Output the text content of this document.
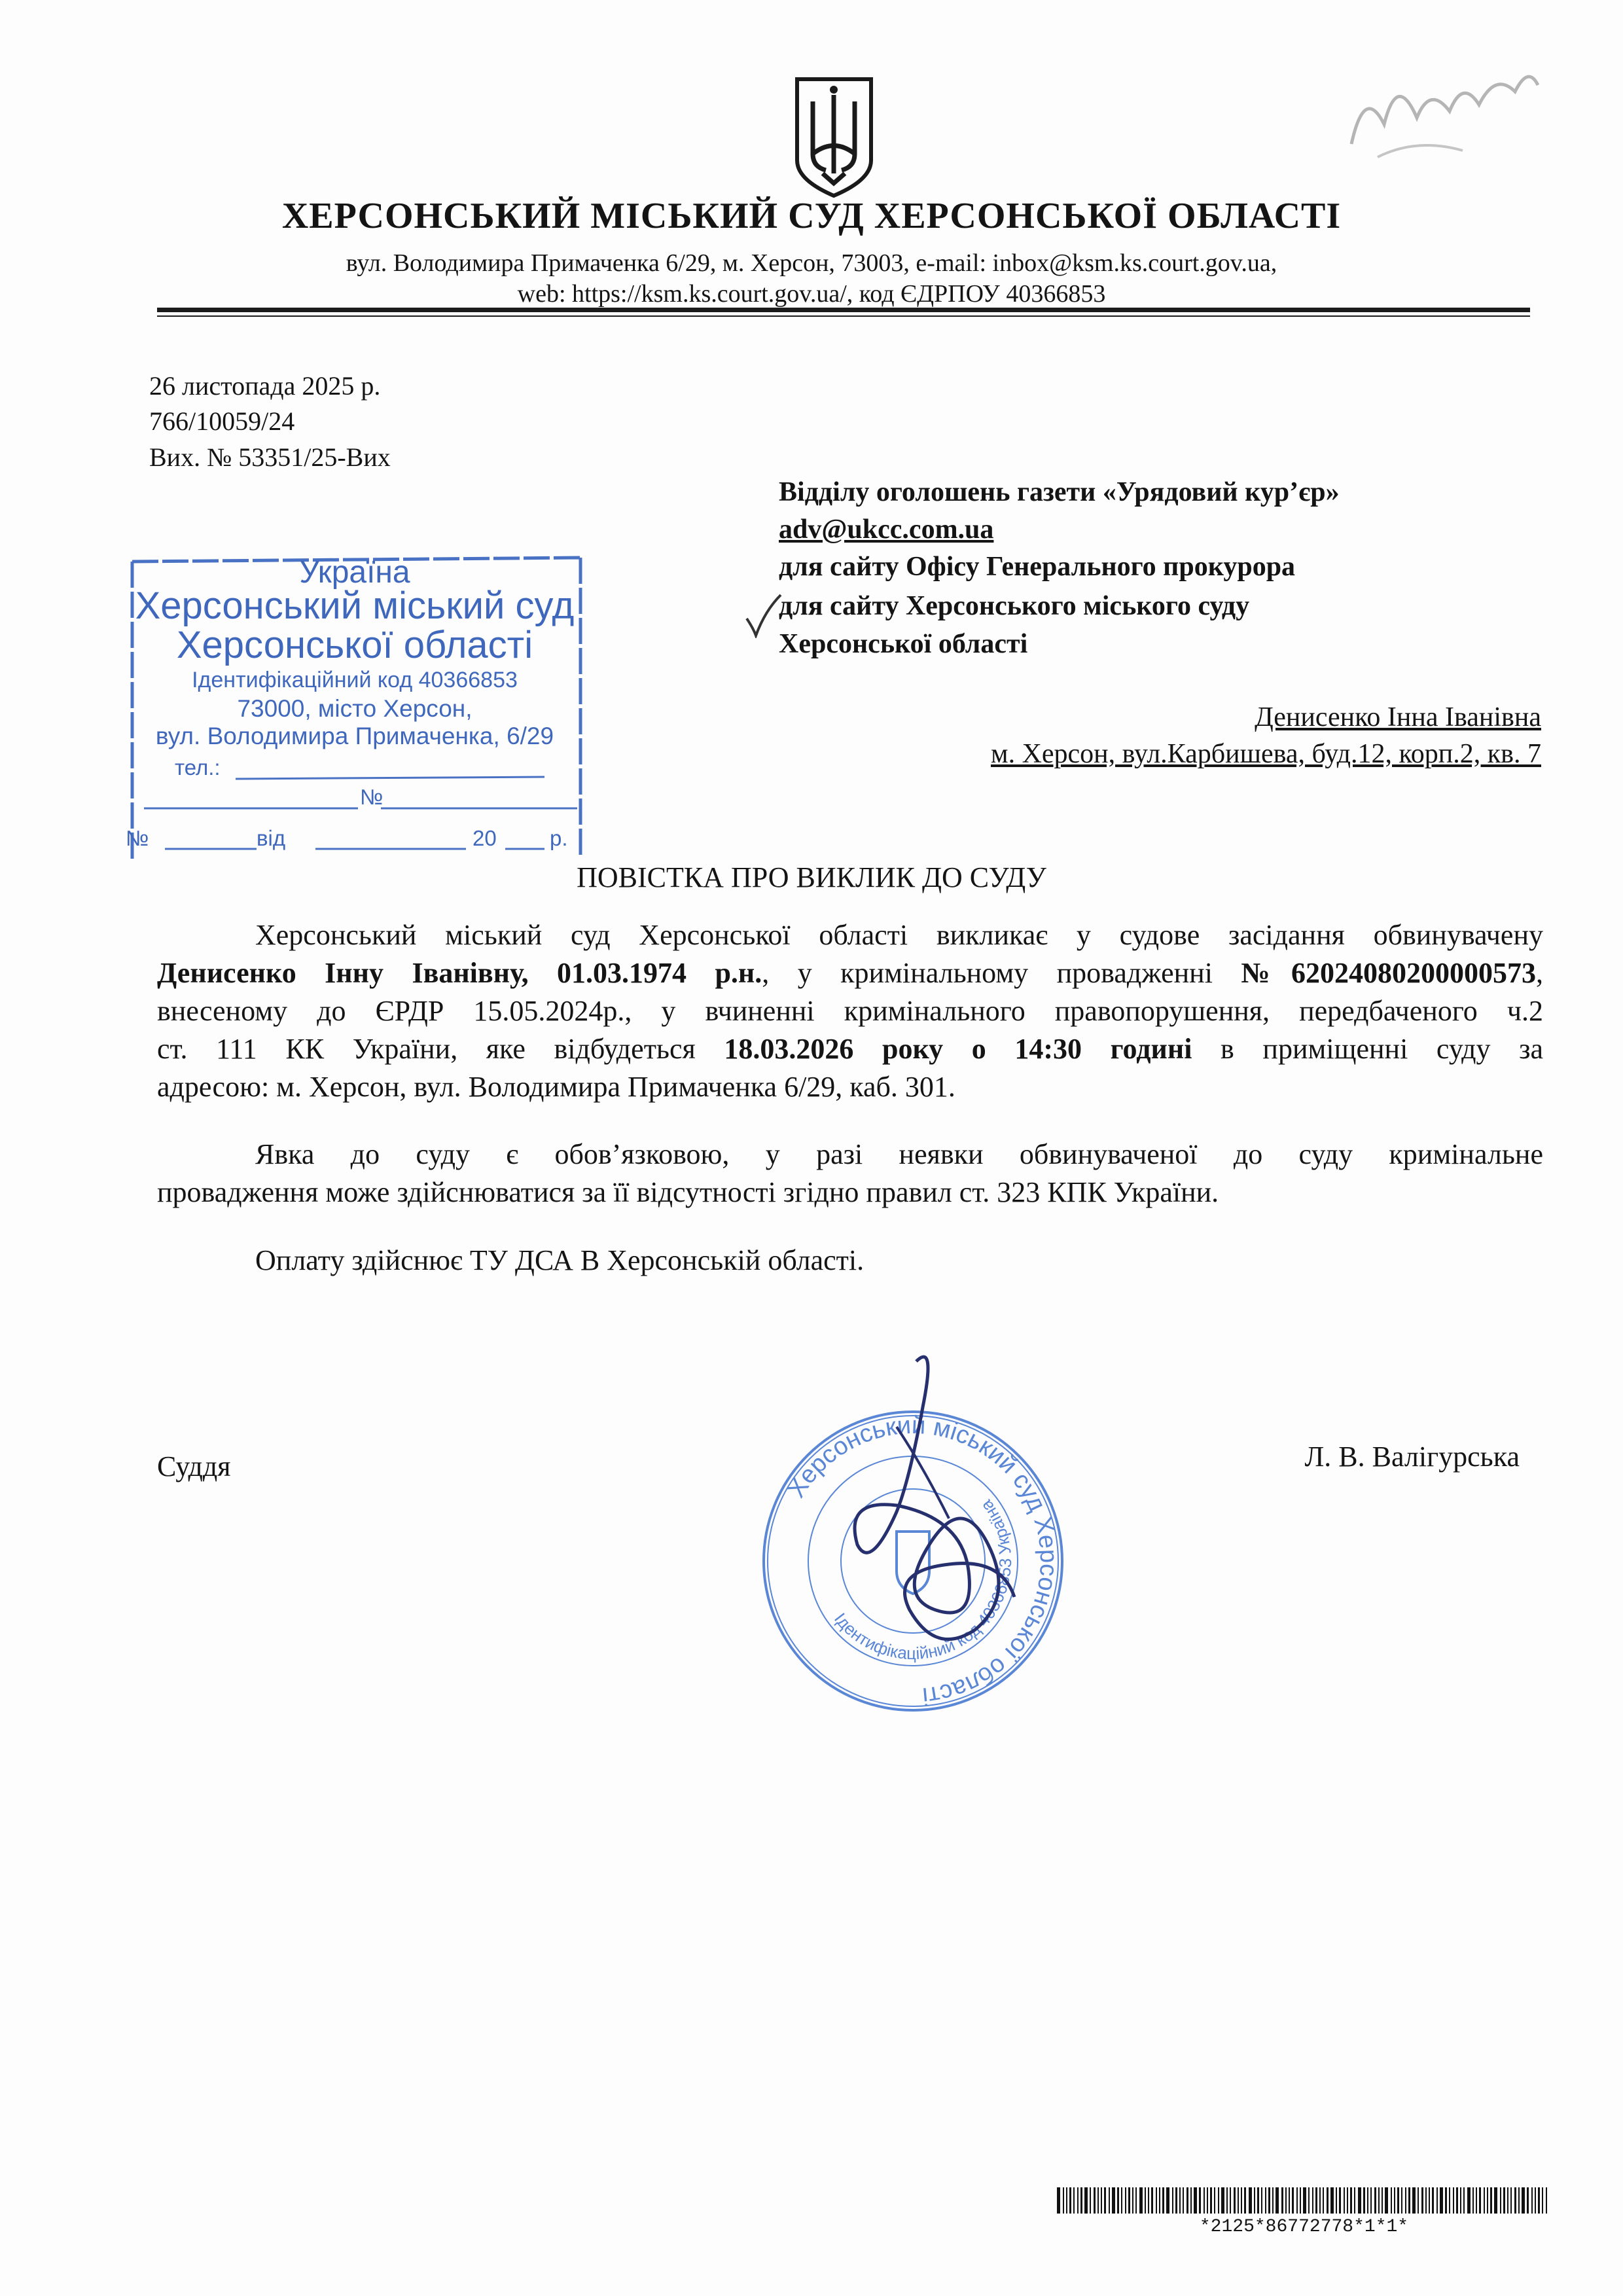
ХЕРСОНСЬКИЙ МІСЬКИЙ СУД ХЕРСОНСЬКОЇ ОБЛАСТІ
вул. Володимира Примаченка 6/29, м. Херсон, 73003, e-mail: inbox@ksm.ks.court.gov.ua,
web: https://ksm.ks.court.gov.ua/, код ЄДРПОУ 40366853
26 листопада 2025 р.
766/10059/24
Вих. № 53351/25-Вих
Відділу оголошень газети «Урядовий кур’єр»
adv@ukcc.com.ua
для сайту Офісу Генерального прокурора
для сайту Херсонського міського суду
Херсонської області
Денисенко Інна Іванівна
м. Херсон, вул.Карбишева, буд.12, корп.2, кв. 7
Україна
Херсонський міський суд
Херсонської області
Ідентифікаційний код 40366853
73000, місто Херсон,
вул. Володимира Примаченка, 6/29
тел.:
№
№	від	20 р.
ПОВІСТКА ПРО ВИКЛИК ДО СУДУ
Херсонський міський суд Херсонської області викликає у судове засідання обвинувачену
Денисенко Інну Іванівну, 01.03.1974 р.н., у кримінальному провадженні №62024080200000573,
внесеному до ЄРДР 15.05.2024р., у вчиненні кримінального правопорушення, передбаченого ч.2
ст. 111 КК України, яке відбудеться 18.03.2026 року о 14:30 годині в приміщенні суду за
адресою: м. Херсон, вул. Володимира Примаченка 6/29, каб. 301.
Явка до суду є обов’язковою, у разі неявки обвинуваченої до суду кримінальне
провадження може здійснюватися за її відсутності згідно правил ст. 323 КПК України.
Оплату здійснює ТУ ДСА В Херсонській області.
Суддя	Л. В. Валігурська
Херсонський міський суд Херсонської області
Ідентифікаційний код 40366853 Україна
*2125*86772778*1*1*
